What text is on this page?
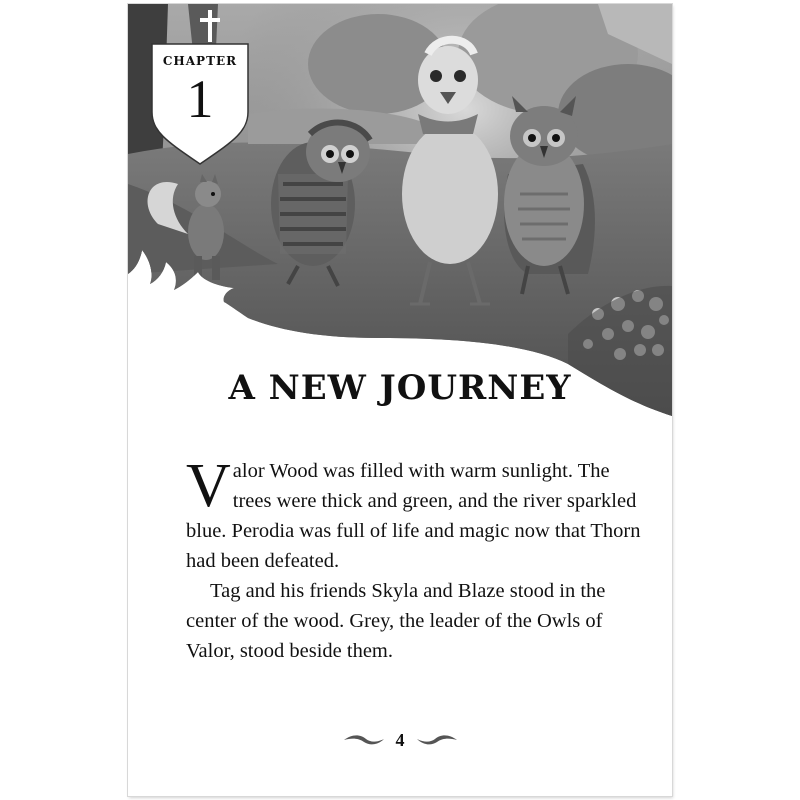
CHAPTER
1
A NEW JOURNEY

Valor Wood was filled with warm sunlight. The trees were thick and green, and the river sparkled blue. Perodia was full of life and magic now that Thorn had been defeated.

Tag and his friends Skyla and Blaze stood in the center of the wood. Grey, the leader of the Owls of Valor, stood beside them.

4
